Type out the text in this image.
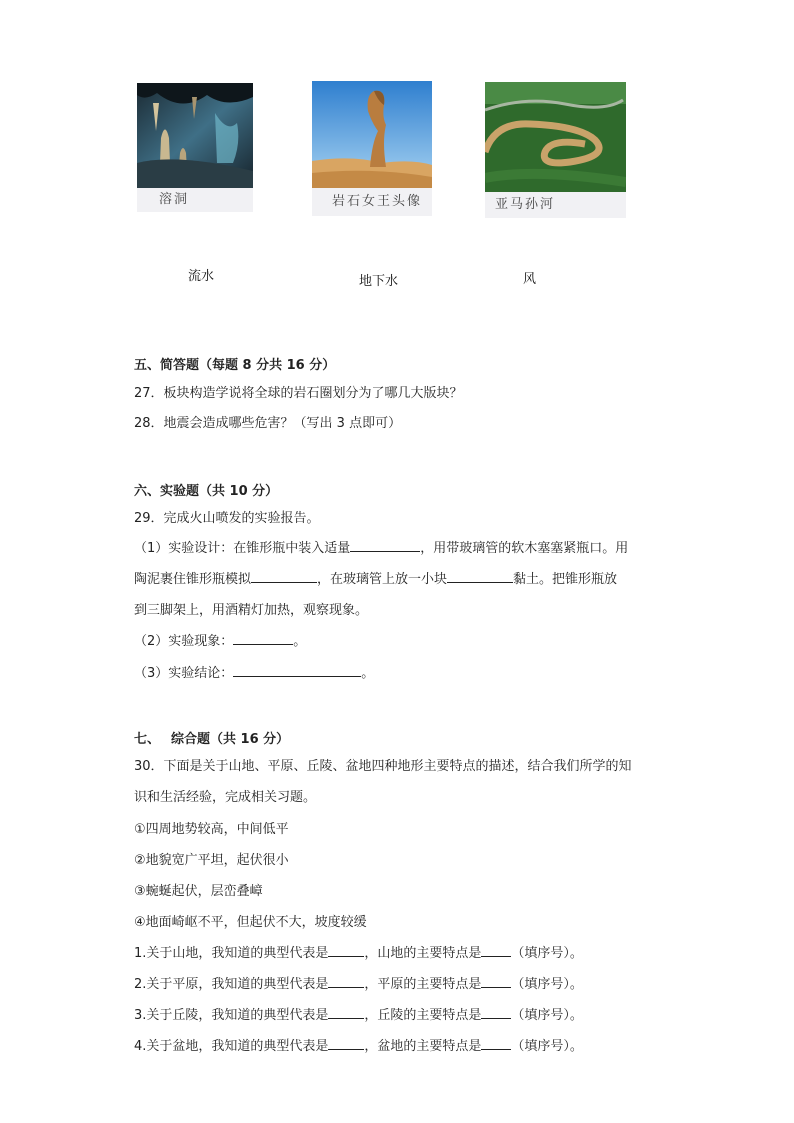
溶洞	岩石女王头像	亚马孙河
流水	地下水	风
五、简答题（每题 8 分共 16 分）
27．板块构造学说将全球的岩石圈划分为了哪几大版块？
28．地震会造成哪些危害？（写出 3 点即可）
六、实验题（共 10 分）
29．完成火山喷发的实验报告。
（1）实验设计：在锥形瓶中装入适量	，用带玻璃管的软木塞塞紧瓶口。用
陶泥裹住锥形瓶模拟	，在玻璃管上放一小块	黏土。把锥形瓶放
到三脚架上，用酒精灯加热，观察现象。
（2）实验现象：	。
（3）实验结论：	。
七、　 综合题（共 16 分）
30．下面是关于山地、平原、丘陵、盆地四种地形主要特点的描述，结合我们所学的知
识和生活经验，完成相关习题。
①四周地势较高，中间低平
②地貌宽广平坦，起伏很小
③蜿蜒起伏，层峦叠嶂
④地面崎岖不平，但起伏不大，坡度较缓
1.关于山地，我知道的典型代表是	，山地的主要特点是 （填序号）。
2.关于平原，我知道的典型代表是	，平原的主要特点是 （填序号）。
3.关于丘陵，我知道的典型代表是	，丘陵的主要特点是 （填序号）。
4.关于盆地，我知道的典型代表是	，盆地的主要特点是 （填序号）。
